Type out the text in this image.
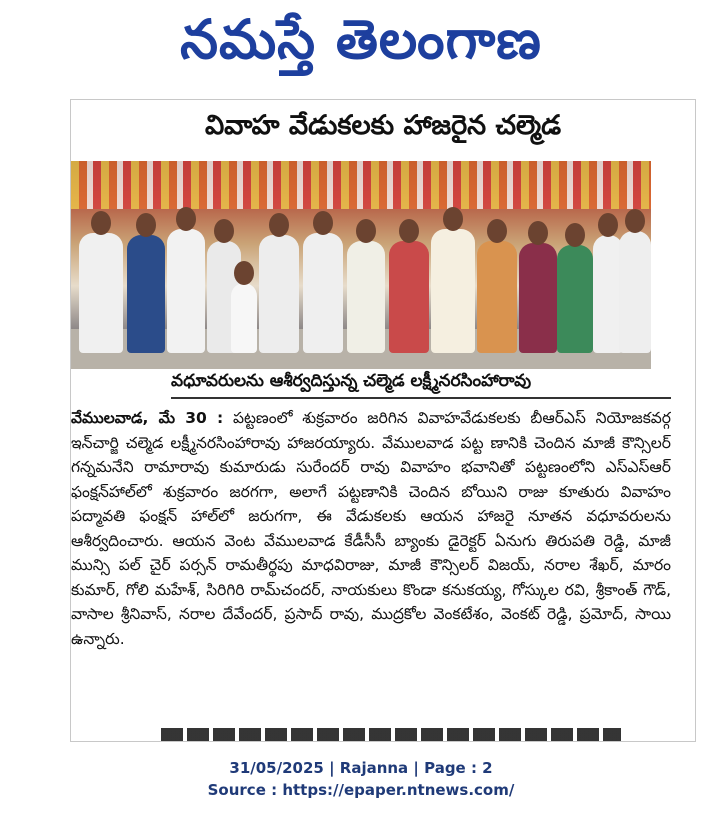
నమస్తే తెలంగాణ
వివాహ వేడుకలకు హాజరైన చల్మెడ
వధూవరులను ఆశీర్వదిస్తున్న చల్మెడ లక్ష్మీనరసింహారావు
వేములవాడ, మే 30 : పట్టణంలో శుక్రవారం జరిగిన వివాహవేడుకలకు బీఆర్‌ఎస్ నియోజకవర్గ ఇన్‌చార్జి చల్మెడ లక్ష్మీనరసింహారావు హాజరయ్యారు. వేములవాడ పట్ట ణానికి చెందిన మాజీ కౌన్సిలర్ గన్నమనేని రామారావు కుమారుడు సురేందర్ రావు వివాహం భవానితో పట్టణంలోని ఎస్‌ఎస్‌ఆర్ ఫంక్షన్‌హాల్‌లో శుక్రవారం జరగగా, అలాగే పట్టణానికి చెందిన బోయిని రాజు కూతురు వివాహం పద్మావతి ఫంక్షన్ హాల్‌లో జరుగగా, ఈ వేడుకలకు ఆయన హాజరై నూతన వధూవరులను ఆశీర్వదించారు. ఆయన వెంట వేములవాడ కేడీసీసీ బ్యాంకు డైరెక్టర్ ఏనుగు తిరుపతి రెడ్డి, మాజీ మున్సి పల్ చైర్ పర్సన్ రామతీర్థపు మాధవిరాజు, మాజీ కౌన్సిలర్ విజయ్, నరాల శేఖర్, మారం కుమార్, గోలి మహేశ్, సిరిగిరి రామ్‌చందర్, నాయకులు కొండా కనుకయ్య, గోస్కుల రవి, శ్రీకాంత్ గౌడ్, వాసాల శ్రీనివాస్, నరాల దేవేందర్, ప్రసాద్ రావు, ముద్రకోల వెంకటేశం, వెంకట్ రెడ్డి, ప్రమోద్, సాయి ఉన్నారు.
31/05/2025 | Rajanna | Page : 2
Source : https://epaper.ntnews.com/
